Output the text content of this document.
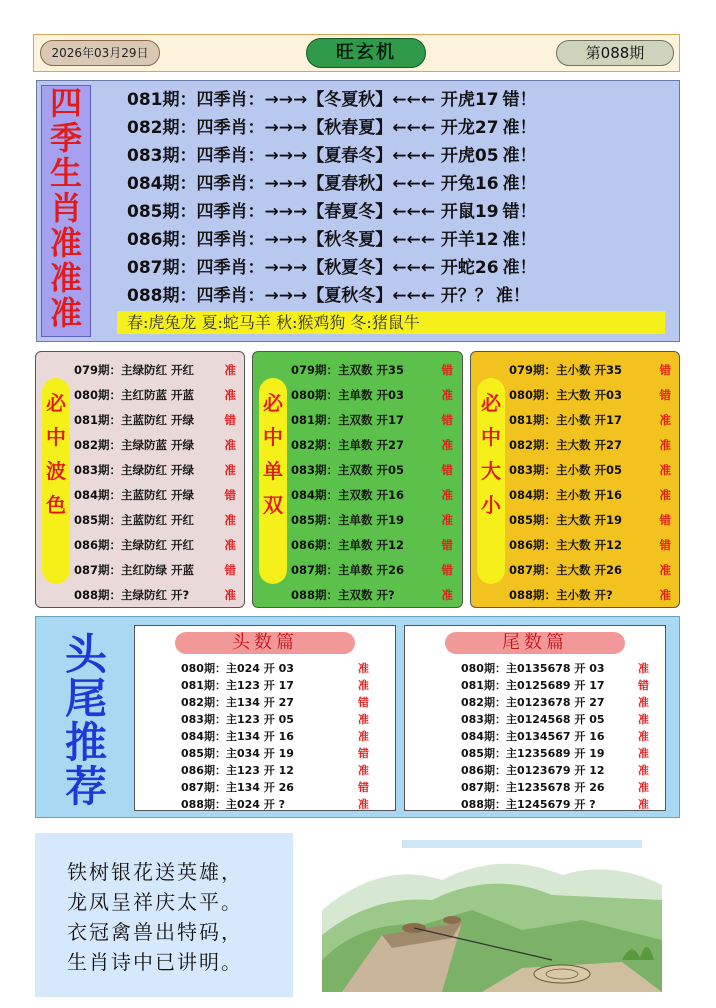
2026年03月29日	旺玄机	第088期
四
季
生
肖
准
准
准
081期：四季肖：→→→【冬夏秋】←←← 开虎17 错！
082期：四季肖：→→→【秋春夏】←←← 开龙27 准！
083期：四季肖：→→→【夏春冬】←←← 开虎05 准！
084期：四季肖：→→→【夏春秋】←←← 开兔16 准！
085期：四季肖：→→→【春夏冬】←←← 开鼠19 错！
086期：四季肖：→→→【秋冬夏】←←← 开羊12 准！
087期：四季肖：→→→【秋夏冬】←←← 开蛇26 准！
088期：四季肖：→→→【夏秋冬】←←← 开？？ 准！
春:虎兔龙 夏:蛇马羊 秋:猴鸡狗 冬:猪鼠牛
必
中
波
色
079期：主绿防红 开红	准
080期：主红防蓝 开蓝	准
081期：主蓝防红 开绿	错
082期：主绿防蓝 开绿	准
083期：主绿防红 开绿	准
084期：主蓝防红 开绿	错
085期：主蓝防红 开红	准
086期：主绿防红 开红	准
087期：主红防绿 开蓝	错
088期：主绿防红 开?	准
必
中
单
双
079期：主双数 开35	错
080期：主单数 开03	准
081期：主双数 开17	错
082期：主单数 开27	准
083期：主双数 开05	错
084期：主双数 开16	准
085期：主单数 开19	准
086期：主单数 开12	错
087期：主单数 开26	错
088期：主双数 开?	准
必
中
大
小
079期：主小数 开35	错
080期：主大数 开03	错
081期：主小数 开17	准
082期：主大数 开27	准
083期：主小数 开05	准
084期：主小数 开16	准
085期：主大数 开19	错
086期：主大数 开12	错
087期：主大数 开26	准
088期：主小数 开?	准
头
尾
推
荐
头数篇
080期：主024 开 03	准
081期：主123 开 17	准
082期：主134 开 27	错
083期：主123 开 05	准
084期：主134 开 16	准
085期：主034 开 19	错
086期：主123 开 12	准
087期：主134 开 26	错
088期：主024 开 ?	准
尾数篇
080期：主0135678 开 03	准
081期：主0125689 开 17	错
082期：主0123678 开 27	准
083期：主0124568 开 05	准
084期：主0134567 开 16	准
085期：主1235689 开 19	准
086期：主0123679 开 12	准
087期：主1235678 开 26	准
088期：主1245679 开 ?	准
铁树银花送英雄，
龙凤呈祥庆太平。
衣冠禽兽出特码，
生肖诗中已讲明。
